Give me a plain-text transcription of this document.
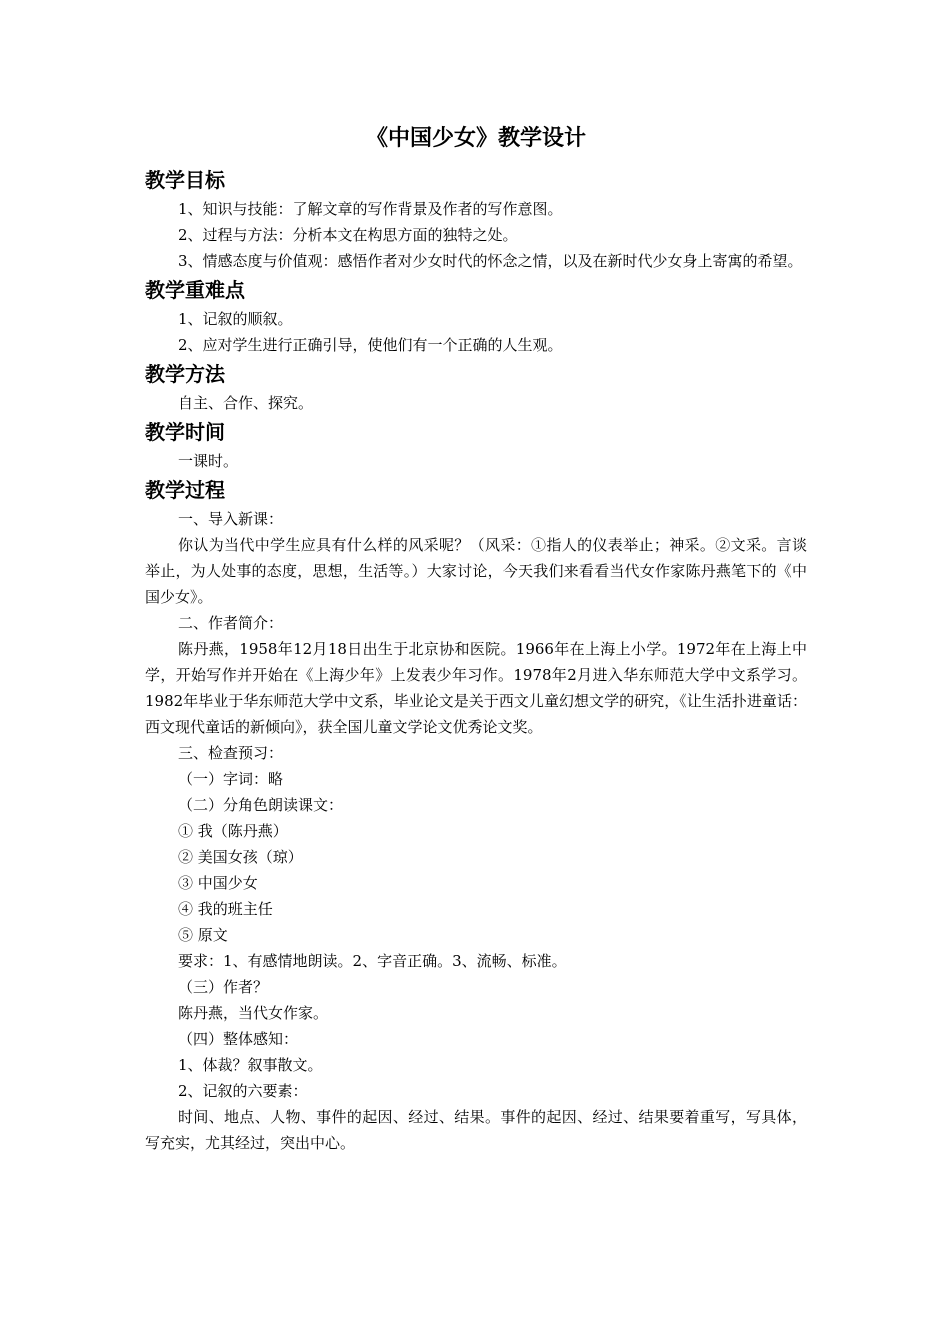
《中国少女》教学设计
教学目标

1、知识与技能：了解文章的写作背景及作者的写作意图。

2、过程与方法：分析本文在构思方面的独特之处。

3、情感态度与价值观：感悟作者对少女时代的怀念之情，以及在新时代少女身上寄寓的希望。

教学重难点

1、记叙的顺叙。

2、应对学生进行正确引导，使他们有一个正确的人生观。

教学方法

自主、合作、探究。

教学时间

一课时。

教学过程

一、导入新课：

你认为当代中学生应具有什么样的风采呢？（风采：①指人的仪表举止；神采。②文采。言谈举止，为人处事的态度，思想，生活等。）大家讨论，今天我们来看看当代女作家陈丹燕笔下的《中国少女》。

二、作者简介：

陈丹燕，1958年12月18日出生于北京协和医院。1966年在上海上小学。1972年在上海上中学，开始写作并开始在《上海少年》上发表少年习作。1978年2月进入华东师范大学中文系学习。1982年毕业于华东师范大学中文系，毕业论文是关于西文儿童幻想文学的研究，《让生活扑进童话：西文现代童话的新倾向》，获全国儿童文学论文优秀论文奖。

三、检查预习：

（一）字词：略

（二）分角色朗读课文：

① 我（陈丹燕）

② 美国女孩（琼）

③ 中国少女

④ 我的班主任

⑤ 原文

要求：1、有感情地朗读。2、字音正确。3、流畅、标准。

（三）作者？

陈丹燕，当代女作家。

（四）整体感知：

1、体裁？叙事散文。

2、记叙的六要素：

时间、地点、人物、事件的起因、经过、结果。事件的起因、经过、结果要着重写，写具体，写充实，尤其经过，突出中心。
